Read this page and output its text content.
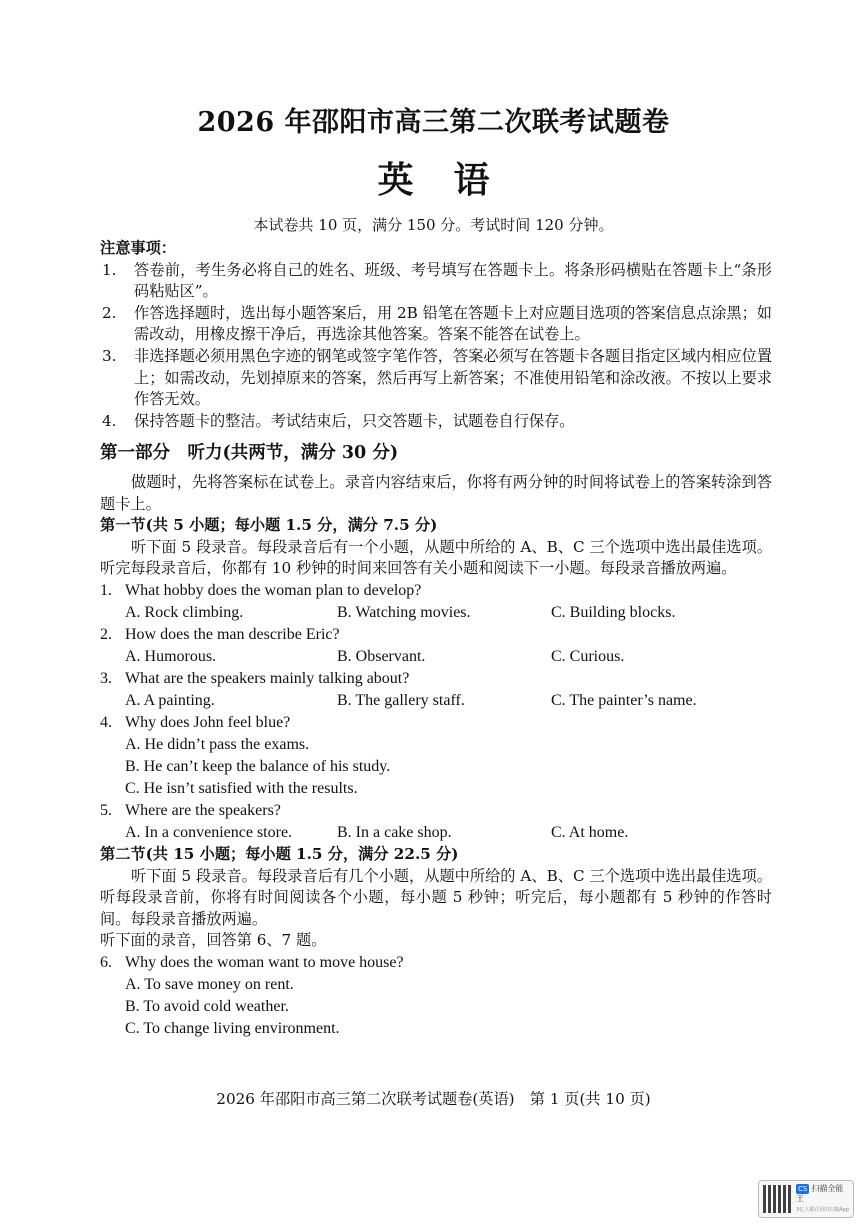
2026 年邵阳市高三第二次联考试题卷
英语
本试卷共 10 页，满分 150 分。考试时间 120 分钟。
注意事项：
1.	答卷前，考生务必将自己的姓名、班级、考号填写在答题卡上。将条形码横贴在答题卡上“条形码粘贴区”。
2.	作答选择题时，选出每小题答案后，用 2B 铅笔在答题卡上对应题目选项的答案信息点涂黑；如需改动，用橡皮擦干净后，再选涂其他答案。答案不能答在试卷上。
3.	非选择题必须用黑色字迹的钢笔或签字笔作答，答案必须写在答题卡各题目指定区域内相应位置上；如需改动，先划掉原来的答案，然后再写上新答案；不准使用铅笔和涂改液。不按以上要求作答无效。
4.	保持答题卡的整洁。考试结束后，只交答题卡，试题卷自行保存。
第一部分　听力(共两节，满分 30 分)
做题时，先将答案标在试卷上。录音内容结束后，你将有两分钟的时间将试卷上的答案转涂到答题卡上。
第一节(共 5 小题；每小题 1.5 分，满分 7.5 分)
听下面 5 段录音。每段录音后有一个小题，从题中所给的 A、B、C 三个选项中选出最佳选项。听完每段录音后，你都有 10 秒钟的时间来回答有关小题和阅读下一小题。每段录音播放两遍。
1. What hobby does the woman plan to develop?
A. Rock climbing.	B. Watching movies.	C. Building blocks.
2. How does the man describe Eric?
A. Humorous.	B. Observant.	C. Curious.
3. What are the speakers mainly talking about?
A. A painting.	B. The gallery staff.	C. The painter’s name.
4. Why does John feel blue?
A. He didn’t pass the exams.
B. He can’t keep the balance of his study.
C. He isn’t satisfied with the results.
5. Where are the speakers?
A. In a convenience store.	B. In a cake shop.	C. At home.
第二节(共 15 小题；每小题 1.5 分，满分 22.5 分)
听下面 5 段录音。每段录音后有几个小题，从题中所给的 A、B、C 三个选项中选出最佳选项。听每段录音前，你将有时间阅读各个小题，每小题 5 秒钟；听完后，每小题都有 5 秒钟的作答时间。每段录音播放两遍。
听下面的录音，回答第 6、7 题。
6. Why does the woman want to move house?
A. To save money on rent.
B. To avoid cold weather.
C. To change living environment.
2026 年邵阳市高三第二次联考试题卷(英语)　第 1 页(共 10 页)
CS 扫描全能王
3亿人都在用的扫描App
